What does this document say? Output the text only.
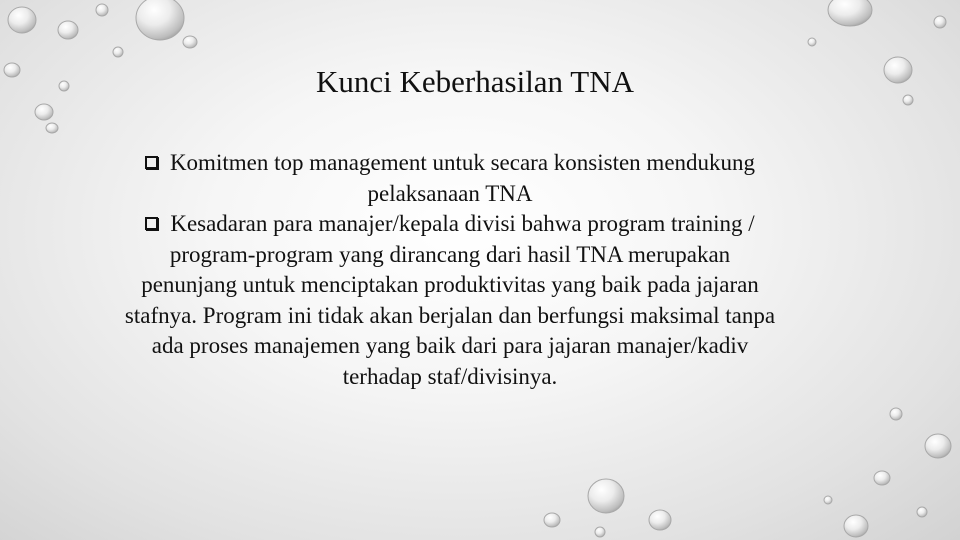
Kunci Keberhasilan TNA

Komitmen top management untuk secara konsisten mendukung pelaksanaan TNA

Kesadaran para manajer/kepala divisi bahwa program training / program-program yang dirancang dari hasil TNA merupakan penunjang untuk menciptakan produktivitas yang baik pada jajaran stafnya. Program ini tidak akan berjalan dan berfungsi maksimal tanpa ada proses manajemen yang baik dari para jajaran manajer/kadiv terhadap staf/divisinya.
